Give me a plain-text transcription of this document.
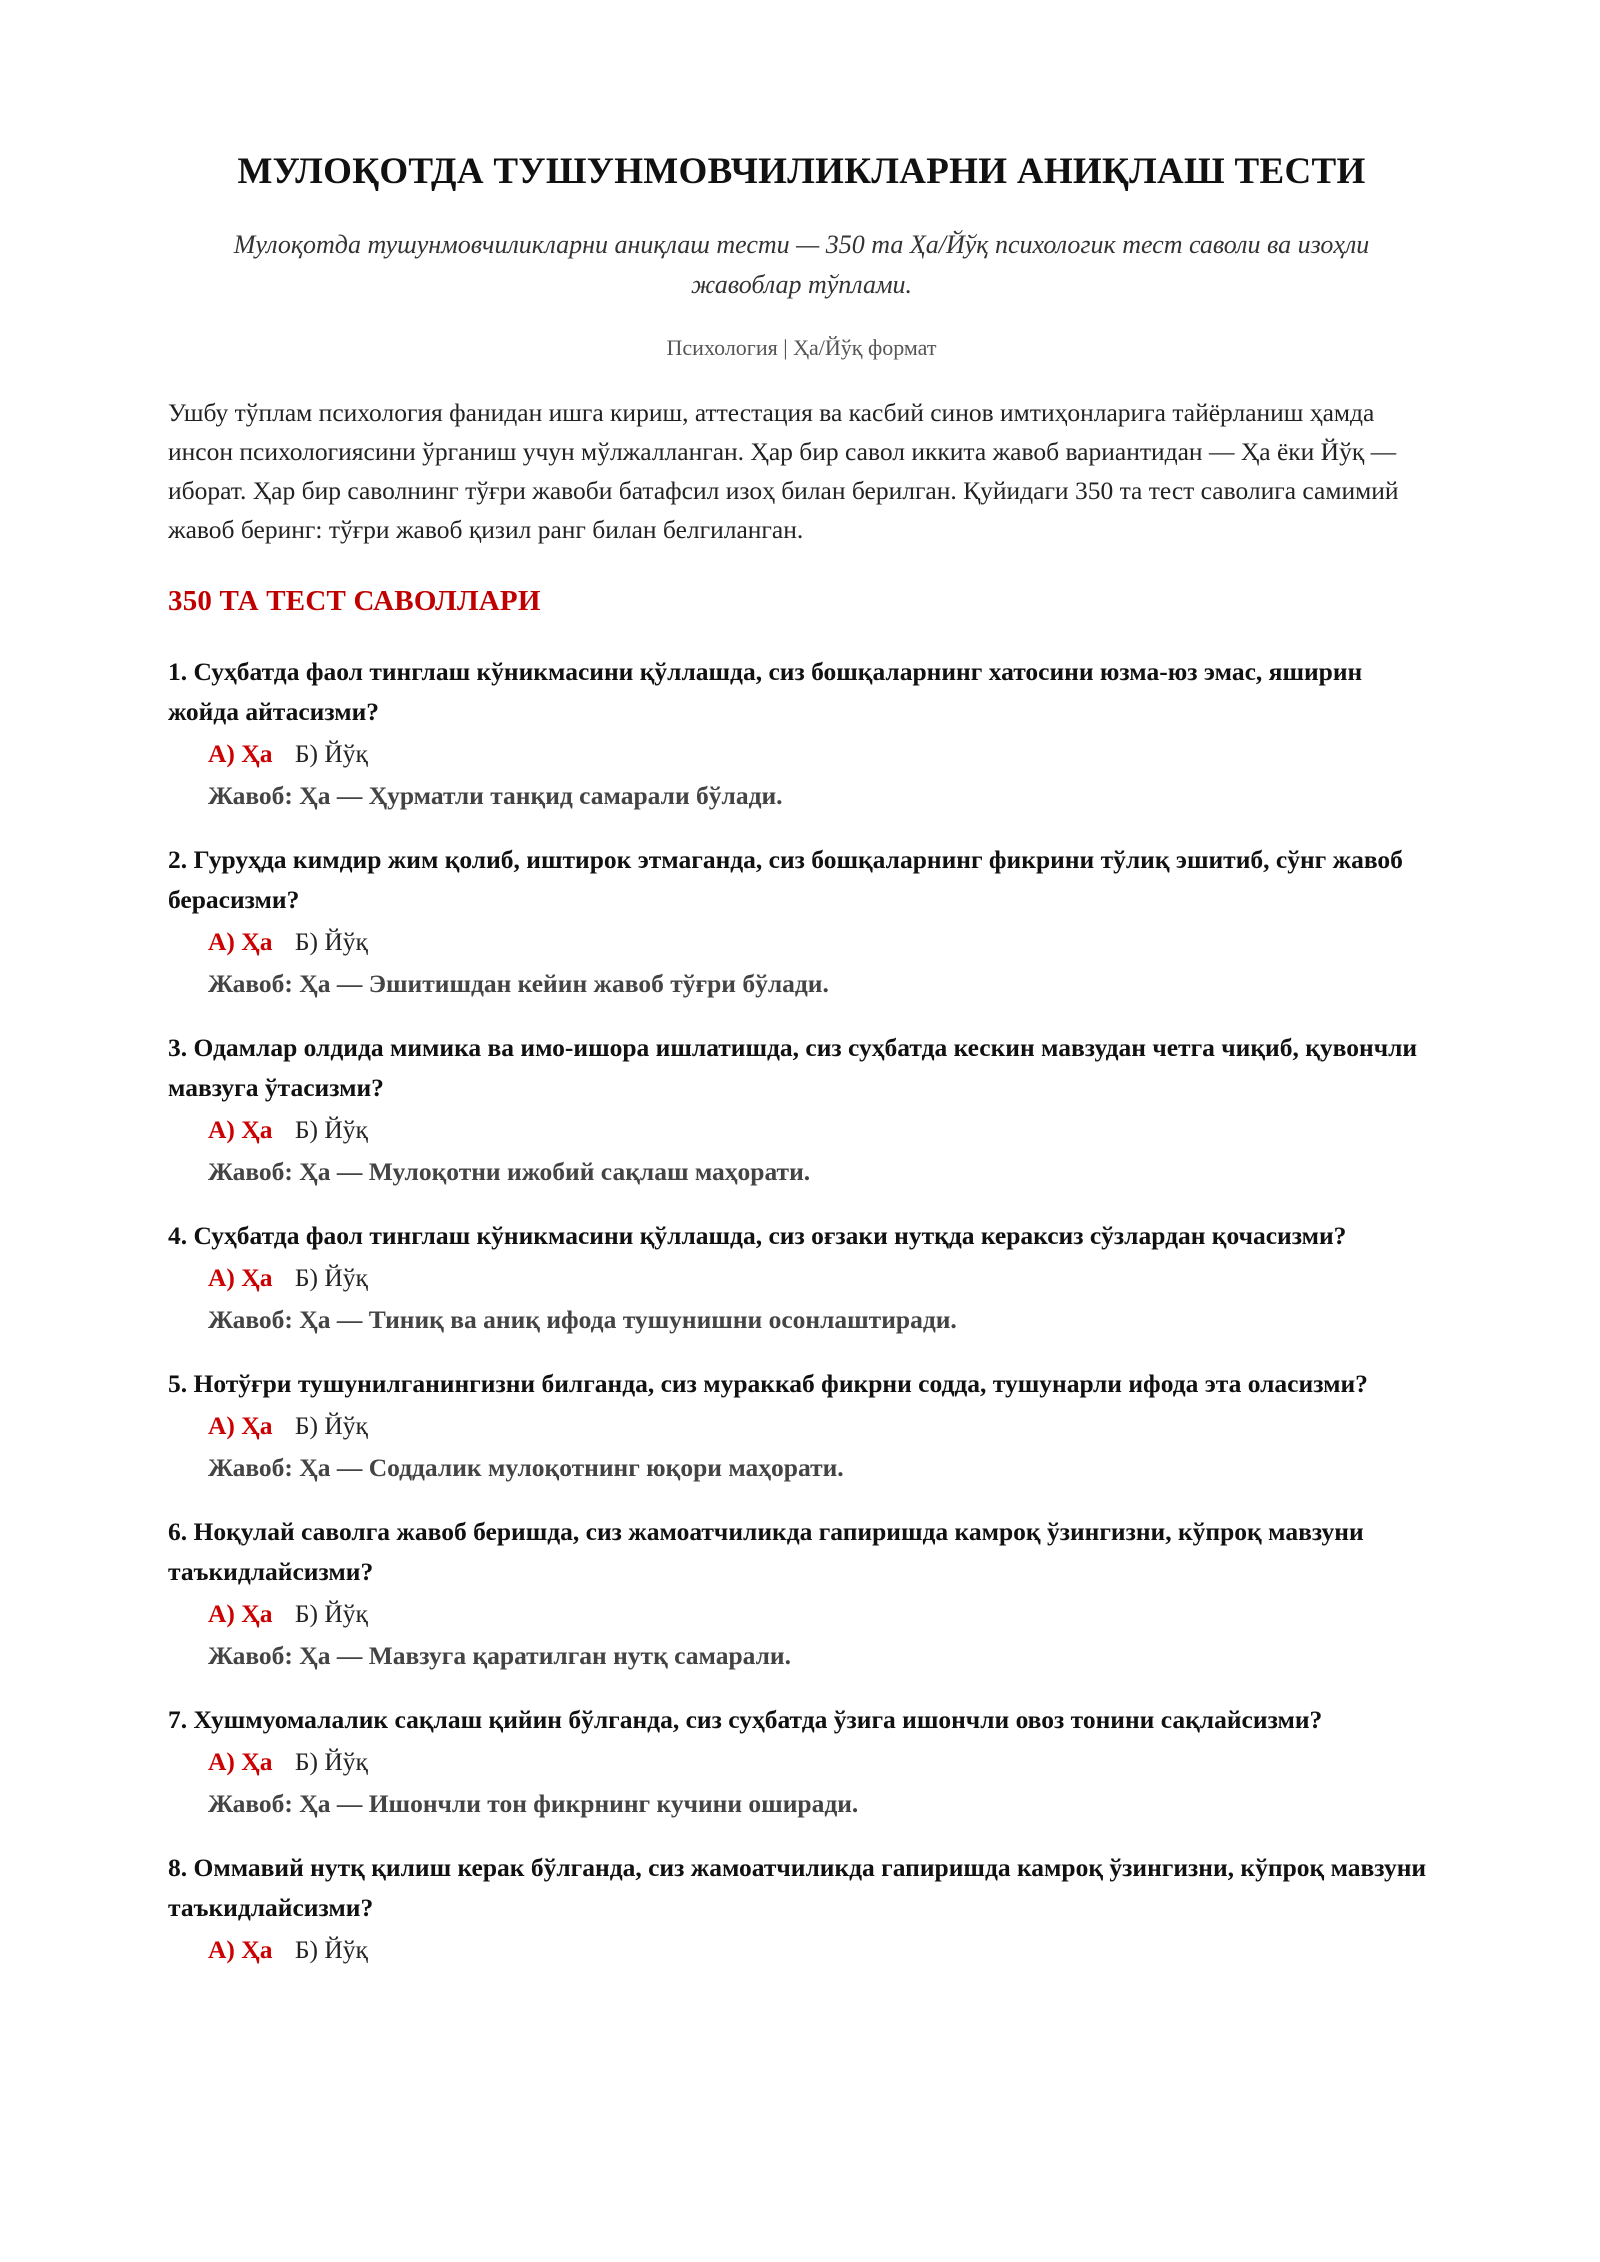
МУЛОҚОТДА ТУШУНМОВЧИЛИКЛАРНИ АНИҚЛАШ ТЕСТИ
Мулоқотда тушунмовчиликларни аниқлаш тести — 350 та Ҳа/Йўқ психологик тест саволи ва изоҳли жавоблар тўплами.
Психология | Ҳа/Йўқ формат
Ушбу тўплам психология фанидан ишга кириш, аттестация ва касбий синов имтиҳонларига тайёрланиш ҳамда инсон психологиясини ўрганиш учун мўлжалланган. Ҳар бир савол иккита жавоб вариантидан — Ҳа ёки Йўқ — иборат. Ҳар бир саволнинг тўғри жавоби батафсил изоҳ билан берилган. Қуйидаги 350 та тест саволига самимий жавоб беринг: тўғри жавоб қизил ранг билан белгиланган.
350 ТА ТЕСТ САВОЛЛАРИ
1. Суҳбатда фаол тинглаш кўникмасини қўллашда, сиз бошқаларнинг хатосини юзма-юз эмас, яширин жойда айтасизми?
А) Ҳа Б) Йўқ
Жавоб: Ҳа — Ҳурматли танқид самарали бўлади.
2. Гуруҳда кимдир жим қолиб, иштирок этмаганда, сиз бошқаларнинг фикрини тўлиқ эшитиб, сўнг жавоб берасизми?
А) Ҳа Б) Йўқ
Жавоб: Ҳа — Эшитишдан кейин жавоб тўғри бўлади.
3. Одамлар олдида мимика ва имо-ишора ишлатишда, сиз суҳбатда кескин мавзудан четга чиқиб, қувончли мавзуга ўтасизми?
А) Ҳа Б) Йўқ
Жавоб: Ҳа — Мулоқотни ижобий сақлаш маҳорати.
4. Суҳбатда фаол тинглаш кўникмасини қўллашда, сиз оғзаки нутқда кераксиз сўзлардан қочасизми?
А) Ҳа Б) Йўқ
Жавоб: Ҳа — Тиниқ ва аниқ ифода тушунишни осонлаштиради.
5. Нотўғри тушунилганингизни билганда, сиз мураккаб фикрни содда, тушунарли ифода эта оласизми?
А) Ҳа Б) Йўқ
Жавоб: Ҳа — Соддалик мулоқотнинг юқори маҳорати.
6. Ноқулай саволга жавоб беришда, сиз жамоатчиликда гапиришда камроқ ўзингизни, кўпроқ мавзуни таъкидлайсизми?
А) Ҳа Б) Йўқ
Жавоб: Ҳа — Мавзуга қаратилган нутқ самарали.
7. Хушмуомалалик сақлаш қийин бўлганда, сиз суҳбатда ўзига ишончли овоз тонини сақлайсизми?
А) Ҳа Б) Йўқ
Жавоб: Ҳа — Ишончли тон фикрнинг кучини оширади.
8. Оммавий нутқ қилиш керак бўлганда, сиз жамоатчиликда гапиришда камроқ ўзингизни, кўпроқ мавзуни таъкидлайсизми?
А) Ҳа Б) Йўқ
